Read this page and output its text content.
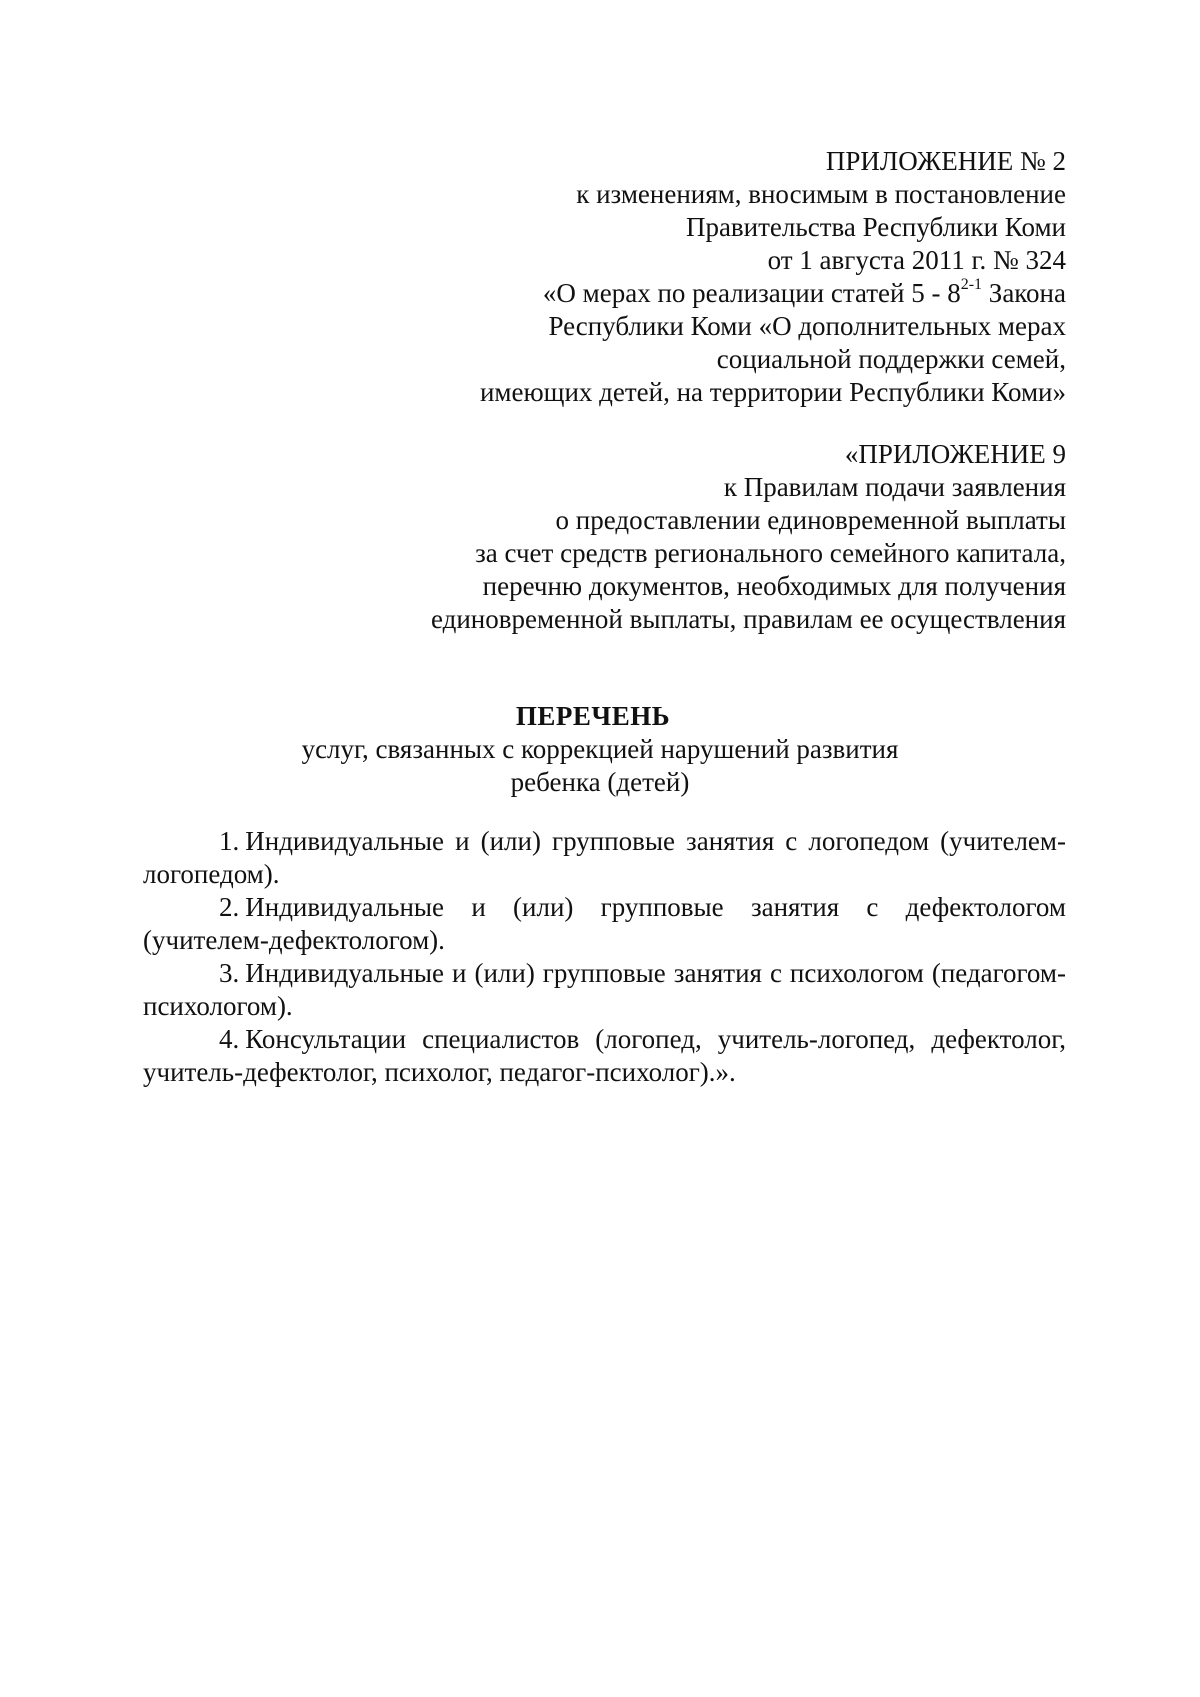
ПРИЛОЖЕНИЕ № 2
к изменениям, вносимым в постановление
Правительства Республики Коми
от 1 августа 2011 г. № 324
«О мерах по реализации статей 5 - 8$^{2-1}$ Закона
Республики Коми «О дополнительных мерах
социальной поддержки семей,
имеющих детей, на территории Республики Коми»
«ПРИЛОЖЕНИЕ 9
к Правилам подачи заявления
о предоставлении единовременной выплаты
за счет средств регионального семейного капитала,
перечню документов, необходимых для получения
единовременной выплаты, правилам ее осуществления
ПЕРЕЧЕНЬ
услуг, связанных с коррекцией нарушений развития
ребенка (детей)

1. Индивидуальные и (или) групповые занятия с логопедом (учителем-логопедом).

2. Индивидуальные и (или) групповые занятия с дефектологом (учителем-дефектологом).

3. Индивидуальные и (или) групповые занятия с психологом (педагогом-психологом).

4. Консультации специалистов (логопед, учитель-логопед, дефектолог, учитель-дефектолог, психолог, педагог-психолог).».
